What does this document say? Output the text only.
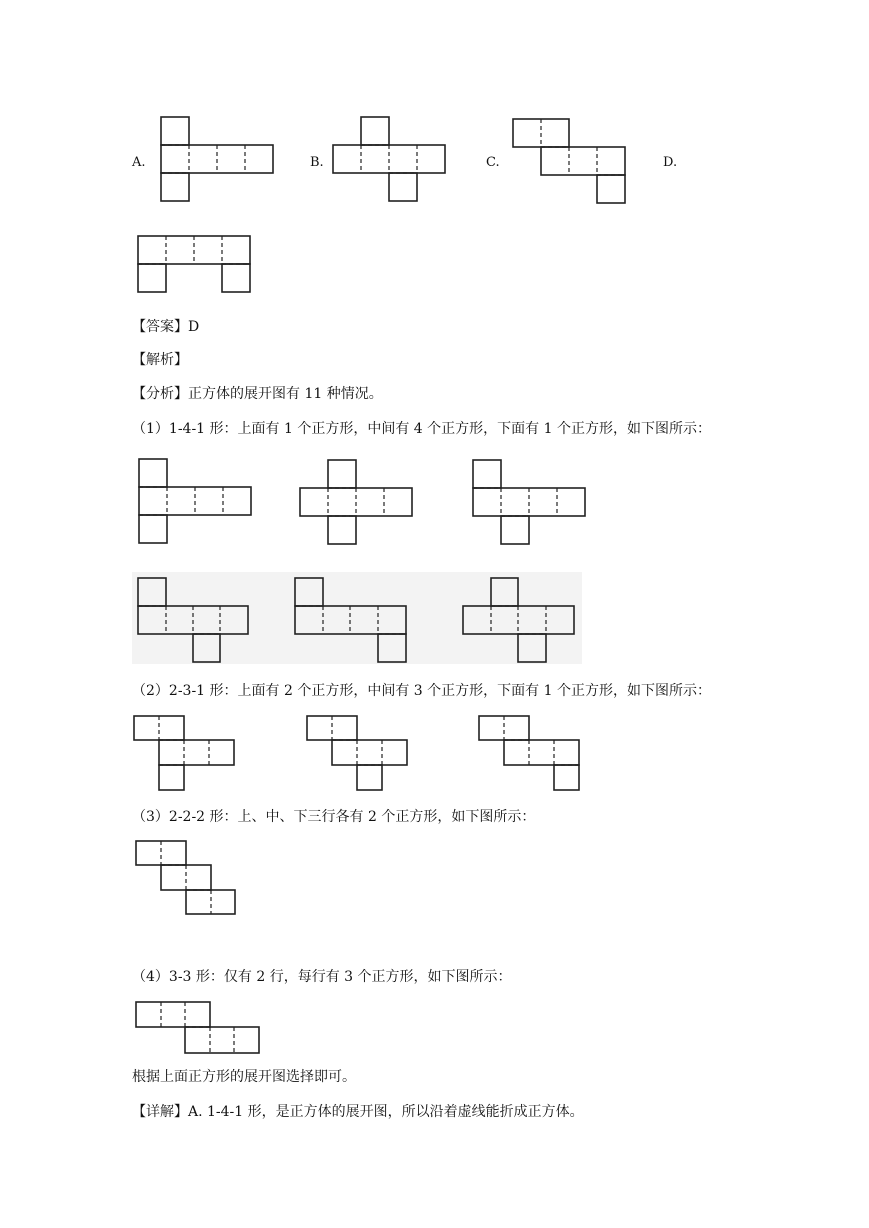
A.	B.	C.	D.
【答案】D
【解析】
【分析】正方体的展开图有 11 种情况。
（1）1-4-1 形：上面有 1 个正方形，中间有 4 个正方形，下面有 1 个正方形，如下图所示：
（2）2-3-1 形：上面有 2 个正方形，中间有 3 个正方形，下面有 1 个正方形，如下图所示：
（3）2-2-2 形：上、中、下三行各有 2 个正方形，如下图所示：
（4）3-3 形：仅有 2 行，每行有 3 个正方形，如下图所示：
根据上面正方形的展开图选择即可。
【详解】A. 1-4-1 形，是正方体的展开图，所以沿着虚线能折成正方体。
